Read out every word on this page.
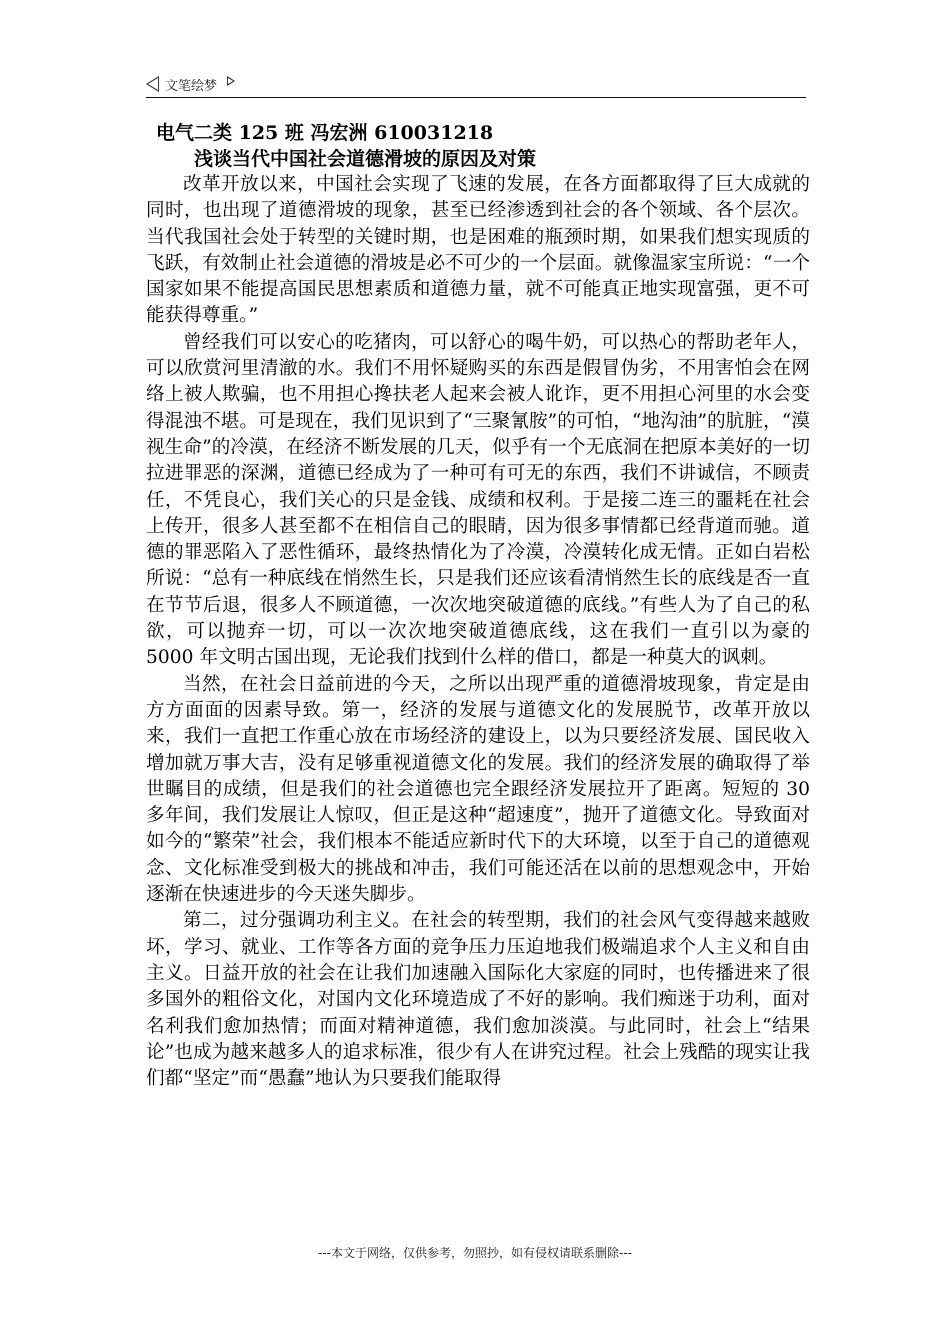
文笔绘梦

电气二类 125 班 冯宏洲 610031218

浅谈当代中国社会道德滑坡的原因及对策

改革开放以来，中国社会实现了飞速的发展，在各方面都取得了巨大成就的同时，也出现了道德滑坡的现象，甚至已经渗透到社会的各个领域、各个层次。当代我国社会处于转型的关键时期，也是困难的瓶颈时期，如果我们想实现质的飞跃，有效制止社会道德的滑坡是必不可少的一个层面。就像温家宝所说：“一个国家如果不能提高国民思想素质和道德力量，就不可能真正地实现富强，更不可能获得尊重。”

曾经我们可以安心的吃猪肉，可以舒心的喝牛奶，可以热心的帮助老年人，可以欣赏河里清澈的水。我们不用怀疑购买的东西是假冒伪劣，不用害怕会在网络上被人欺骗，也不用担心搀扶老人起来会被人讹诈，更不用担心河里的水会变得混浊不堪。可是现在，我们见识到了“三聚氰胺”的可怕，“地沟油”的肮脏，“漠视生命”的冷漠，在经济不断发展的几天，似乎有一个无底洞在把原本美好的一切拉进罪恶的深渊，道德已经成为了一种可有可无的东西，我们不讲诚信，不顾责任，不凭良心，我们关心的只是金钱、成绩和权利。于是接二连三的噩耗在社会上传开，很多人甚至都不在相信自己的眼睛，因为很多事情都已经背道而驰。道德的罪恶陷入了恶性循环，最终热情化为了冷漠，冷漠转化成无情。正如白岩松所说：“总有一种底线在悄然生长，只是我们还应该看清悄然生长的底线是否一直在节节后退，很多人不顾道德，一次次地突破道德的底线。”有些人为了自己的私欲，可以抛弃一切，可以一次次地突破道德底线，这在我们一直引以为豪的 5000 年文明古国出现，无论我们找到什么样的借口，都是一种莫大的讽刺。

当然，在社会日益前进的今天，之所以出现严重的道德滑坡现象，肯定是由方方面面的因素导致。第一，经济的发展与道德文化的发展脱节，改革开放以来，我们一直把工作重心放在市场经济的建设上，以为只要经济发展、国民收入增加就万事大吉，没有足够重视道德文化的发展。我们的经济发展的确取得了举世瞩目的成绩，但是我们的社会道德也完全跟经济发展拉开了距离。短短的 30 多年间，我们发展让人惊叹，但正是这种“超速度”，抛开了道德文化。导致面对如今的“繁荣”社会，我们根本不能适应新时代下的大环境，以至于自己的道德观念、文化标准受到极大的挑战和冲击，我们可能还活在以前的思想观念中，开始逐渐在快速进步的今天迷失脚步。

第二，过分强调功利主义。在社会的转型期，我们的社会风气变得越来越败坏，学习、就业、工作等各方面的竞争压力压迫地我们极端追求个人主义和自由主义。日益开放的社会在让我们加速融入国际化大家庭的同时，也传播进来了很多国外的粗俗文化，对国内文化环境造成了不好的影响。我们痴迷于功利，面对名利我们愈加热情；而面对精神道德，我们愈加淡漠。与此同时，社会上“结果论”也成为越来越多人的追求标准，很少有人在讲究过程。社会上残酷的现实让我们都“坚定”而“愚蠢”地认为只要我们能取得

---本文于网络，仅供参考，勿照抄，如有侵权请联系删除---
